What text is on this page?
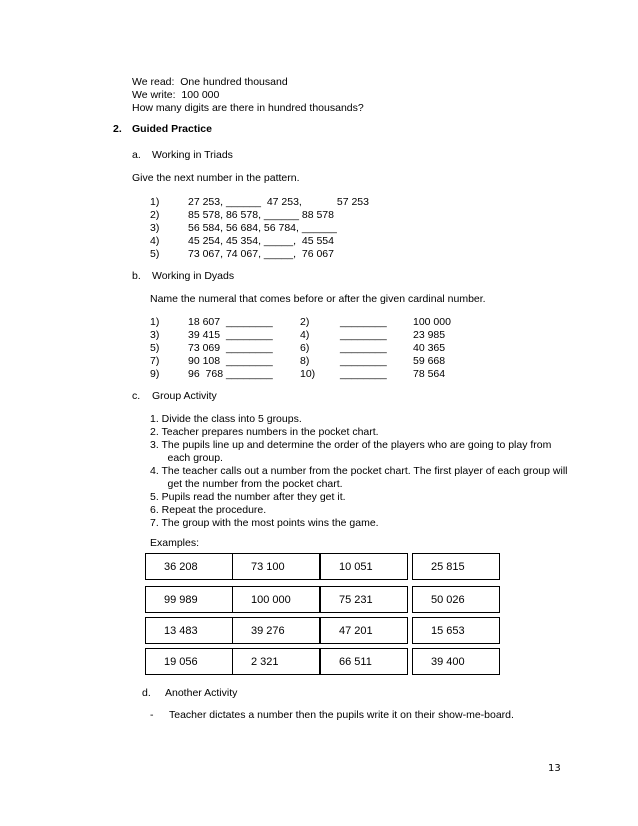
We read:  One hundred thousand
We write:  100 000
How many digits are there in hundred thousands?
2. Guided Practice
a. Working in Triads
Give the next number in the pattern.
1)	27 253, ______  47 253,            57 253
2)	85 578, 86 578, ______ 88 578
3)	56 584, 56 684, 56 784, ______
4)	45 254, 45 354, _____,  45 554
5)	73 067, 74 067, _____,  76 067
b. Working in Dyads
Name the numeral that comes before or after the given cardinal number.
1)	18 607  ________	2)	________	100 000
3)	39 415  ________	4)	________	23 985
5)	73 069  ________	6)	________	40 365
7)	90 108  ________	8)	________	59 668
9)	96  768 ________	10) ________	78 564
c. Group Activity
1. Divide the class into 5 groups.
2. Teacher prepares numbers in the pocket chart.
3. The pupils line up and determine the order of the players who are going to play from
each group.
4. The teacher calls out a number from the pocket chart. The first player of each group will
get the number from the pocket chart.
5. Pupils read the number after they get it.
6. Repeat the procedure.
7. The group with the most points wins the game.
Examples:
36 208	73 100	10 051	25 815
99 989	100 000	75 231	50 026
13 483	39 276	47 201	15 653
19 056	2 321	66 511	39 400
d. Another Activity
- Teacher dictates a number then the pupils write it on their show-me-board.
13
